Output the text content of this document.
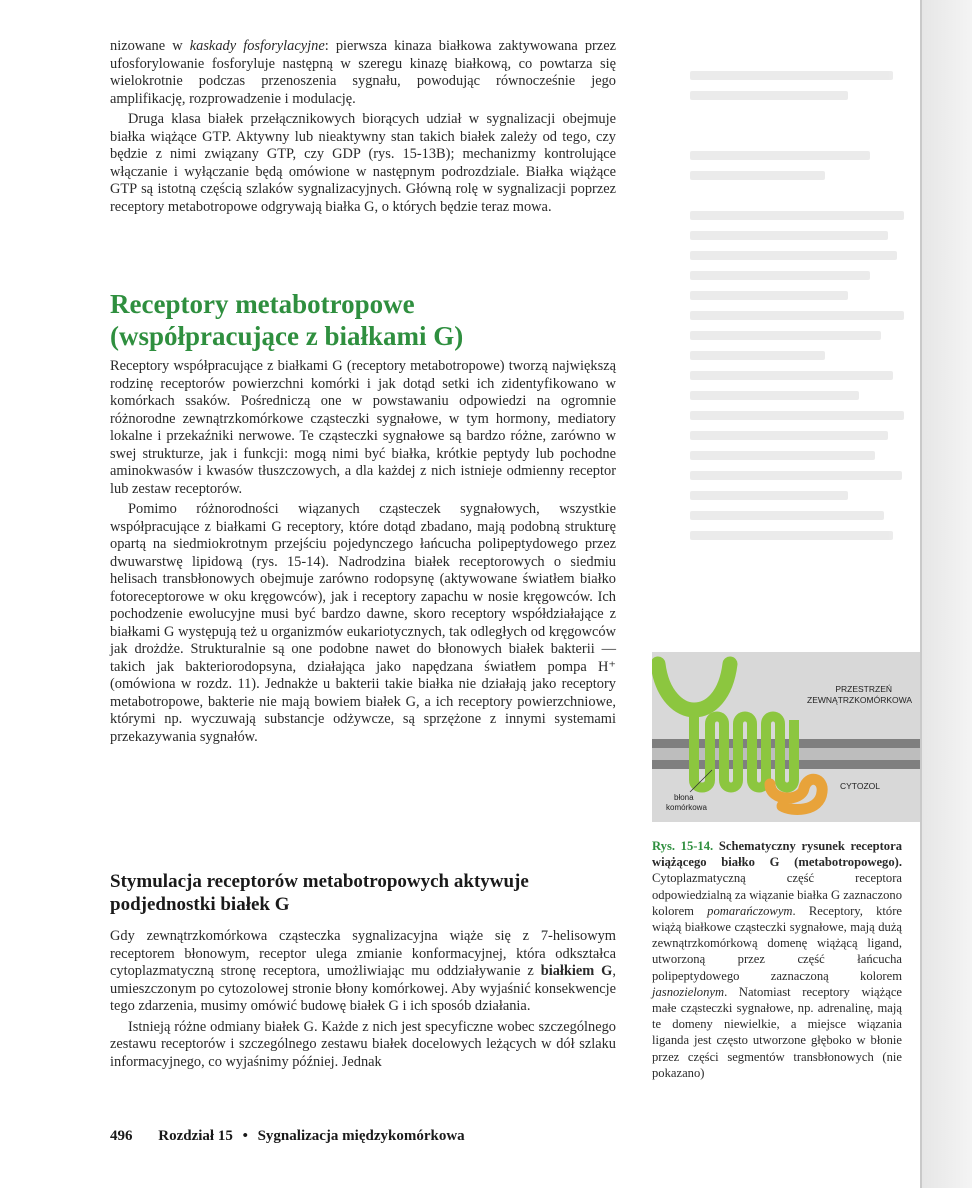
nizowane w kaskady fosforylacyjne: pierwsza kinaza białkowa zaktywowana przez ufosforylowanie fosforyluje następną w szeregu kinazę białkową, co powtarza się wielokrotnie podczas przenoszenia sygnału, powodując równocześnie jego amplifikację, rozprowadzenie i modulację.

Druga klasa białek przełącznikowych biorących udział w sygnalizacji obejmuje białka wiążące GTP. Aktywny lub nieaktywny stan takich białek zależy od tego, czy będzie z nimi związany GTP, czy GDP (rys. 15-13B); mechanizmy kontrolujące włączanie i wyłączanie będą omówione w następnym podrozdziale. Białka wiążące GTP są istotną częścią szlaków sygnalizacyjnych. Główną rolę w sygnalizacji poprzez receptory metabotropowe odgrywają białka G, o których będzie teraz mowa.

Receptory metabotropowe
(współpracujące z białkami G)

Receptory współpracujące z białkami G (receptory metabotropowe) tworzą największą rodzinę receptorów powierzchni komórki i jak dotąd setki ich zidentyfikowano w komórkach ssaków. Pośredniczą one w powstawaniu odpowiedzi na ogromnie różnorodne zewnątrzkomórkowe cząsteczki sygnałowe, w tym hormony, mediatory lokalne i przekaźniki nerwowe. Te cząsteczki sygnałowe są bardzo różne, zarówno w swej strukturze, jak i funkcji: mogą nimi być białka, krótkie peptydy lub pochodne aminokwasów i kwasów tłuszczowych, a dla każdej z nich istnieje odmienny receptor lub zestaw receptorów.

Pomimo różnorodności wiązanych cząsteczek sygnałowych, wszystkie współpracujące z białkami G receptory, które dotąd zbadano, mają podobną strukturę opartą na siedmiokrotnym przejściu pojedynczego łańcucha polipeptydowego przez dwuwarstwę lipidową (rys. 15-14). Nadrodzina białek receptorowych o siedmiu helisach transbłonowych obejmuje zarówno rodopsynę (aktywowane światłem białko fotoreceptorowe w oku kręgowców), jak i receptory zapachu w nosie kręgowców. Ich pochodzenie ewolucyjne musi być bardzo dawne, skoro receptory współdziałające z białkami G występują też u organizmów eukariotycznych, tak odległych od kręgowców jak drożdże. Strukturalnie są one podobne nawet do błonowych białek bakterii — takich jak bakteriorodopsyna, działająca jako napędzana światłem pompa H⁺ (omówiona w rozdz. 11). Jednakże u bakterii takie białka nie działają jako receptory metabotropowe, bakterie nie mają bowiem białek G, a ich receptory powierzchniowe, którymi np. wyczuwają substancje odżywcze, są sprzężone z innymi systemami przekazywania sygnałów.

Stymulacja receptorów metabotropowych aktywuje
podjednostki białek G

Gdy zewnątrzkomórkowa cząsteczka sygnalizacyjna wiąże się z 7-helisowym receptorem błonowym, receptor ulega zmianie konformacyjnej, która odkształca cytoplazmatyczną stronę receptora, umożliwiając mu oddziaływanie z białkiem G, umieszczonym po cytozolowej stronie błony komórkowej. Aby wyjaśnić konsekwencje tego zdarzenia, musimy omówić budowę białek G i ich sposób działania.

Istnieją różne odmiany białek G. Każde z nich jest specyficzne wobec szczególnego zestawu receptorów i szczególnego zestawu białek docelowych leżących w dół szlaku informacyjnego, co wyjaśnimy później. Jednak

PRZESTRZEŃ
ZEWNĄTRZKOMÓRKOWA
CYTOZOL
błona
komórkowa
Rys. 15-14. Schematyczny rysunek receptora wiążącego białko G (metabotropowego). Cytoplazmatyczną część receptora odpowiedzialną za wiązanie białka G zaznaczono kolorem pomarańczowym. Receptory, które wiążą białkowe cząsteczki sygnałowe, mają dużą zewnątrzkomórkową domenę wiążącą ligand, utworzoną przez część łańcucha polipeptydowego zaznaczoną kolorem jasnozielonym. Natomiast receptory wiążące małe cząsteczki sygnałowe, np. adrenalinę, mają te domeny niewielkie, a miejsce wiązania liganda jest często utworzone głęboko w błonie przez części segmentów transbłonowych (nie pokazano)
496 Rozdział 15 • Sygnalizacja międzykomórkowa
